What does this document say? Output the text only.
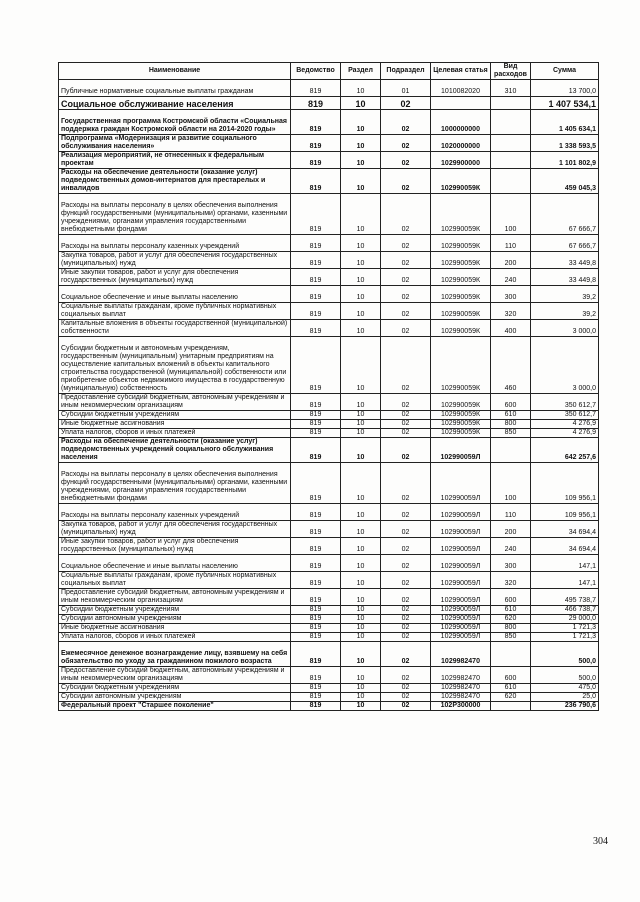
Наименование	Ведомство	Раздел	Подраздел	Целевая статья	Вид расходов	Сумма
Публичные нормативные социальные выплаты гражданам	819	10	01	1010082020	310	13 700,0
Социальное обслуживание населения	819	10	02			1 407 534,1
Государственная программа Костромской области «Социальная поддержка граждан Костромской области на 2014-2020 годы»	819	10	02	1000000000		1 405 634,1
Подпрограмма «Модернизация и развитие социального обслуживания населения»	819	10	02	1020000000		1 338 593,5
Реализация мероприятий, не отнесенных к федеральным проектам	819	10	02	1029900000		1 101 802,9
Расходы на обеспечение деятельности (оказание услуг) подведомственных домов-интернатов для престарелых и инвалидов	819	10	02	102990059К		459 045,3
Расходы на выплаты персоналу в целях обеспечения выполнения функций государственными (муниципальными) органами, казенными учреждениями, органами управления государственными внебюджетными фондами	819	10	02	102990059К	100	67 666,7
Расходы на выплаты персоналу казенных учреждений	819	10	02	102990059К	110	67 666,7
Закупка товаров, работ и услуг для обеспечения государственных (муниципальных) нужд	819	10	02	102990059К	200	33 449,8
Иные закупки товаров, работ и услуг для обеспечения государственных (муниципальных) нужд	819	10	02	102990059К	240	33 449,8
Социальное обеспечение и иные выплаты населению	819	10	02	102990059К	300	39,2
Социальные выплаты гражданам, кроме публичных нормативных социальных выплат	819	10	02	102990059К	320	39,2
Капитальные вложения в объекты государственной (муниципальной) собственности	819	10	02	102990059К	400	3 000,0
Субсидии бюджетным и автономным учреждениям, государственным (муниципальным) унитарным предприятиям на осуществление капитальных вложений в объекты капитального строительства государственной (муниципальной) собственности или приобретение объектов недвижимого имущества в государственную (муниципальную) собственность	819	10	02	102990059К	460	3 000,0
Предоставление субсидий бюджетным, автономным учреждениям и иным некоммерческим организациям	819	10	02	102990059К	600	350 612,7
Субсидии бюджетным учреждениям	819	10	02	102990059К	610	350 612,7
Иные бюджетные ассигнования	819	10	02	102990059К	800	4 276,9
Уплата налогов, сборов и иных платежей	819	10	02	102990059К	850	4 276,9
Расходы на обеспечение деятельности (оказание услуг) подведомственных учреждений социального обслуживания населения	819	10	02	102990059Л		642 257,6
Расходы на выплаты персоналу в целях обеспечения выполнения функций государственными (муниципальными) органами, казенными учреждениями, органами управления государственными внебюджетными фондами	819	10	02	102990059Л	100	109 956,1
Расходы на выплаты персоналу казенных учреждений	819	10	02	102990059Л	110	109 956,1
Закупка товаров, работ и услуг для обеспечения государственных (муниципальных) нужд	819	10	02	102990059Л	200	34 694,4
Иные закупки товаров, работ и услуг для обеспечения государственных (муниципальных) нужд	819	10	02	102990059Л	240	34 694,4
Социальное обеспечение и иные выплаты населению	819	10	02	102990059Л	300	147,1
Социальные выплаты гражданам, кроме публичных нормативных социальных выплат	819	10	02	102990059Л	320	147,1
Предоставление субсидий бюджетным, автономным учреждениям и иным некоммерческим организациям	819	10	02	102990059Л	600	495 738,7
Субсидии бюджетным учреждениям	819	10	02	102990059Л	610	466 738,7
Субсидии автономным учреждениям	819	10	02	102990059Л	620	29 000,0
Иные бюджетные ассигнования	819	10	02	102990059Л	800	1 721,3
Уплата налогов, сборов и иных платежей	819	10	02	102990059Л	850	1 721,3
Ежемесячное денежное вознаграждение лицу, взявшему на себя обязательство по уходу за гражданином пожилого возраста	819	10	02	1029982470		500,0
Предоставление субсидий бюджетным, автономным учреждениям и иным некоммерческим организациям	819	10	02	1029982470	600	500,0
Субсидии бюджетным учреждениям	819	10	02	1029982470	610	475,0
Субсидии автономным учреждениям	819	10	02	1029982470	620	25,0
Федеральный проект "Старшее поколение"	819	10	02	102Р300000		236 790,6
304
